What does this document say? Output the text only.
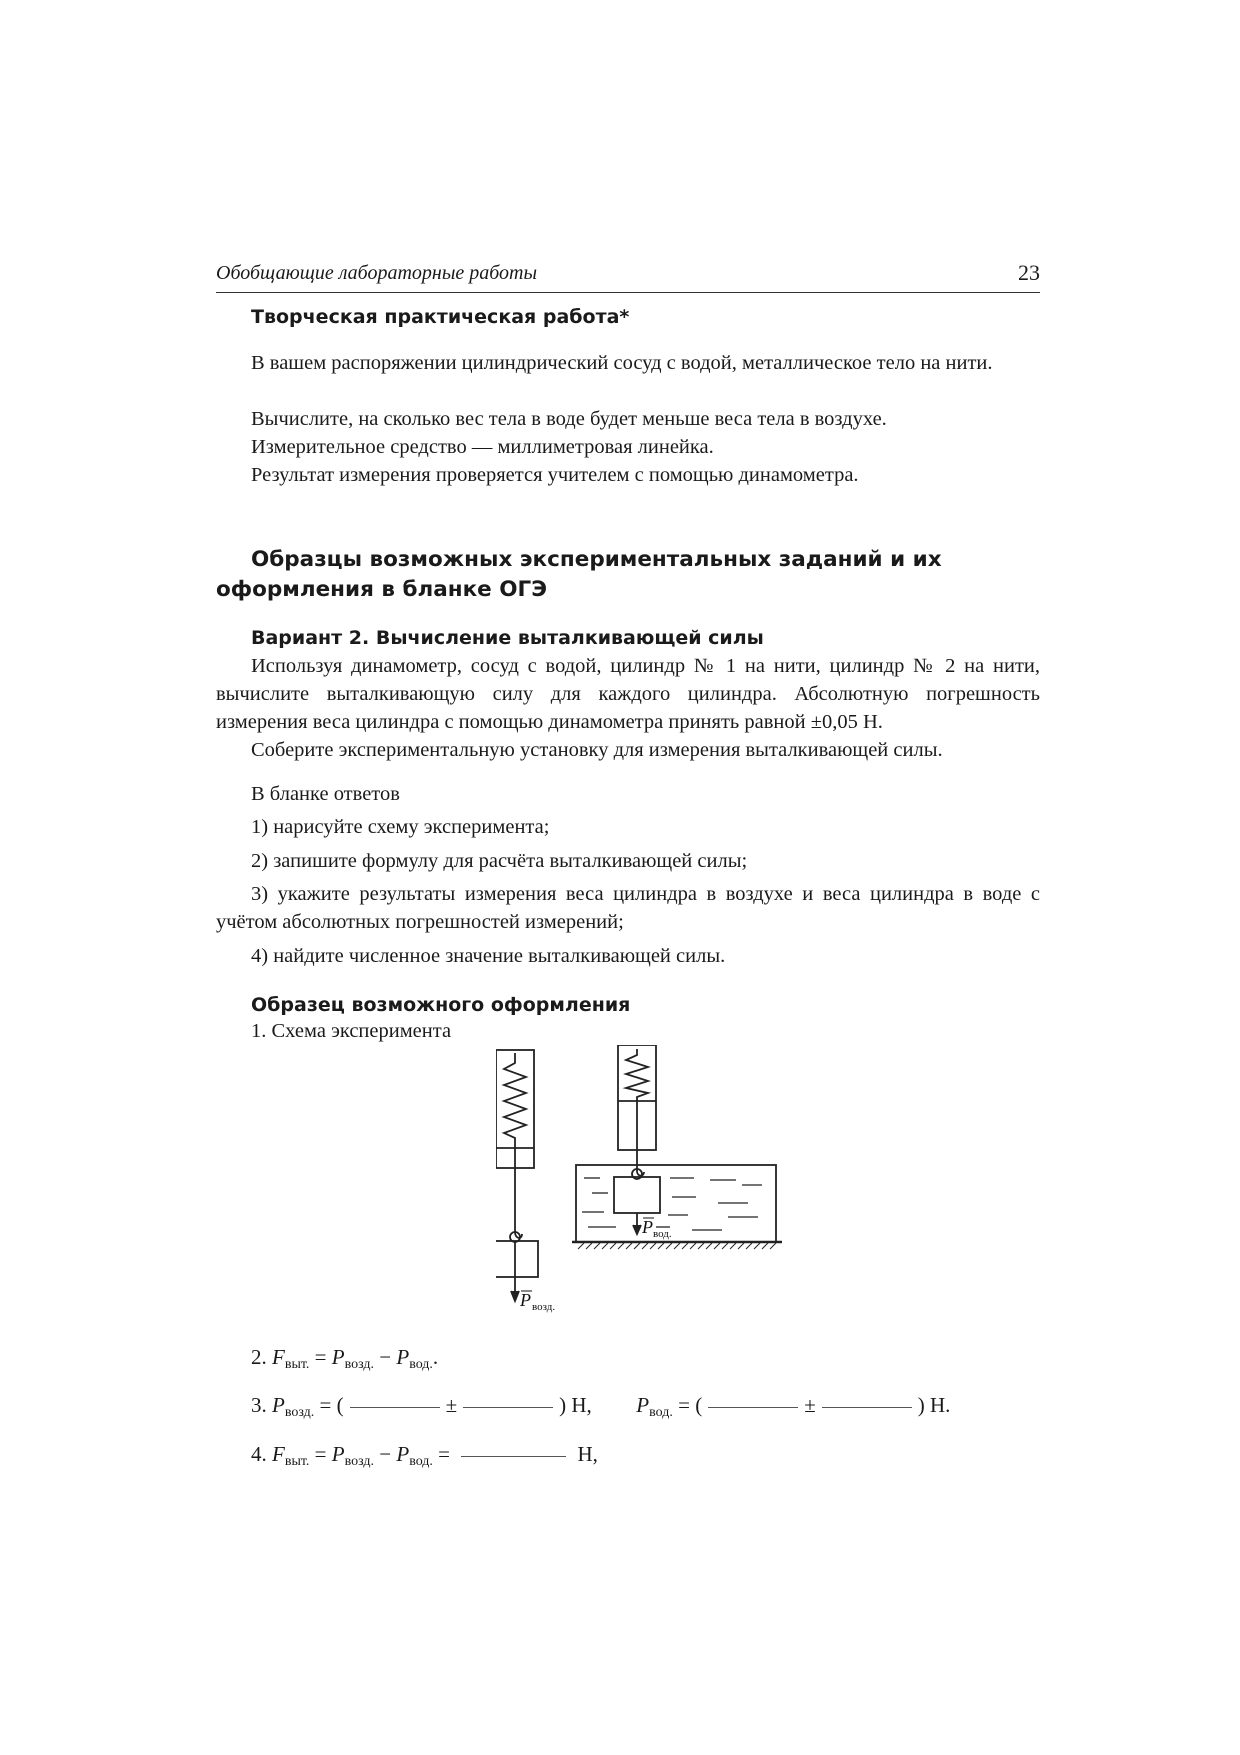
Обобщающие лабораторные работы	23
Творческая практическая работа*

В вашем распоряжении цилиндрический сосуд с водой, металлическое тело на нити.

Вычислите, на сколько вес тела в воде будет меньше веса тела в воздухе.

Измерительное средство — миллиметровая линейка.

Результат измерения проверяется учителем с помощью динамометра.

Образцы возможных экспериментальных заданий и их оформления в бланке ОГЭ
Вариант 2. Вычисление выталкивающей силы

Используя динамометр, сосуд с водой, цилиндр № 1 на нити, цилиндр № 2 на нити, вычислите выталкивающую силу для каждого цилиндра. Абсолютную погрешность измерения веса цилиндра с помощью динамометра принять равной ±0,05 Н.

Соберите экспериментальную установку для измерения выталкивающей силы.

В бланке ответов
1) нарисуйте схему эксперимента;
2) запишите формулу для расчёта выталкивающей силы;

3) укажите результаты измерения веса цилиндра в воздухе и веса цилиндра в воде с учётом абсолютных погрешностей измерений;

4) найдите численное значение выталкивающей силы.
Образец возможного оформления
1. Схема эксперимента
P возд.
P вод.
2. $F_{выт.} = P_{возд.} - P_{вод.}$.
3. $P_{возд.}$ = (	±	) Н, $P_{вод.}$ = (	±	) Н.
4. $F_{выт.} = P_{возд.} - P_{вод.}$ =	Н,
